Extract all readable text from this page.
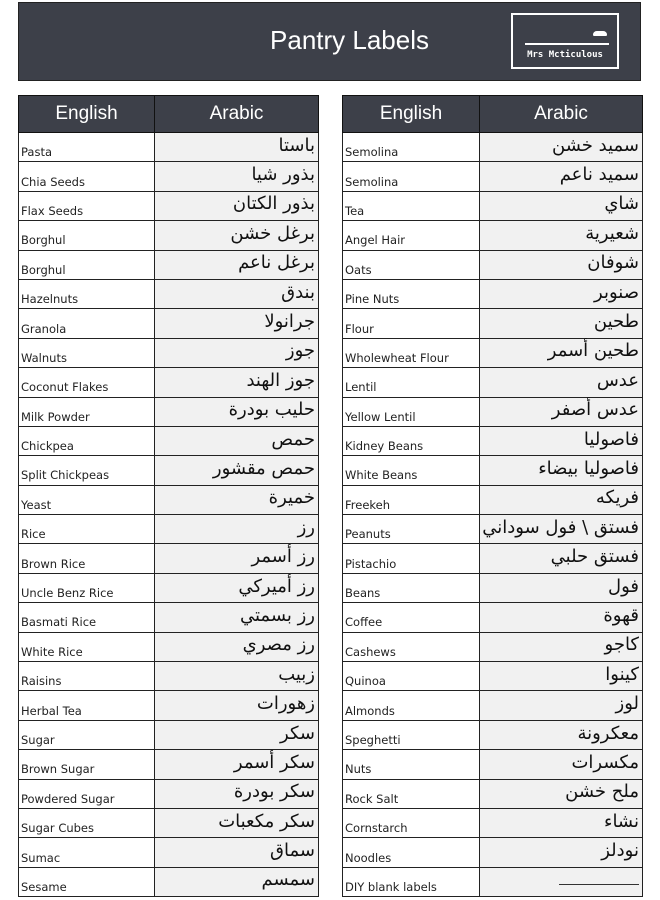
Pantry Labels	Mrs Mcticulous
English	Arabic
Pasta	باستا
Chia Seeds	بذور شيا
Flax Seeds	بذور الكتان
Borghul	برغل خشن
Borghul	برغل ناعم
Hazelnuts	بندق
Granola	جرانولا
Walnuts	جوز
Coconut Flakes	جوز الهند
Milk Powder	حليب بودرة
Chickpea	حمص
Split Chickpeas	حمص مقشور
Yeast	خميرة
Rice	رز
Brown Rice	رز أسمر
Uncle Benz Rice	رز أميركي
Basmati Rice	رز بسمتي
White Rice	رز مصري
Raisins	زبيب
Herbal Tea	زهورات
Sugar	سكر
Brown Sugar	سكر أسمر
Powdered Sugar	سكر بودرة
Sugar Cubes	سكر مكعبات
Sumac	سماق
Sesame	سمسم
English	Arabic
Semolina	سميد خشن
Semolina	سميد ناعم
Tea	شاي
Angel Hair	شعيرية
Oats	شوفان
Pine Nuts	صنوبر
Flour	طحين
Wholewheat Flour	طحين أسمر
Lentil	عدس
Yellow Lentil	عدس أصفر
Kidney Beans	فاصوليا
White Beans	فاصوليا بيضاء
Freekeh	فريكه
Peanuts	فستق \ فول سوداني
Pistachio	فستق حلبي
Beans	فول
Coffee	قهوة
Cashews	كاجو
Quinoa	كينوا
Almonds	لوز
Speghetti	معكرونة
Nuts	مكسرات
Rock Salt	ملح خشن
Cornstarch	نشاء
Noodles	نودلز
DIY blank labels	
